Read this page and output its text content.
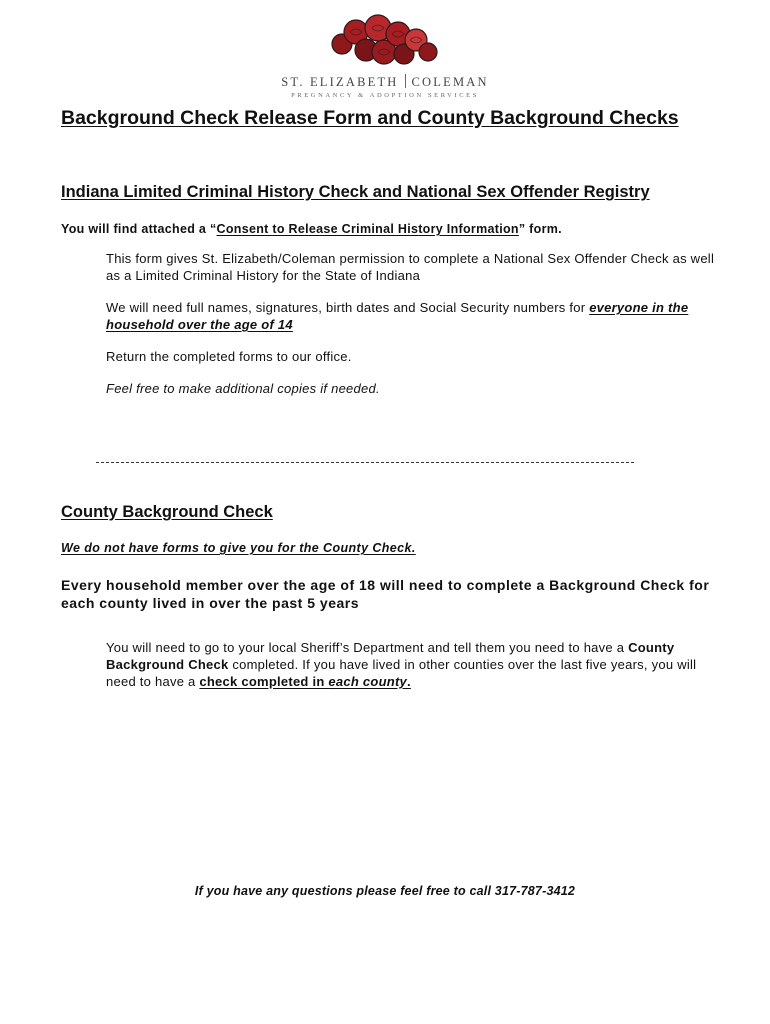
ST. ELIZABETH COLEMAN
PREGNANCY & ADOPTION SERVICES
Background Check Release Form and County Background Checks
Indiana Limited Criminal History Check and National Sex Offender Registry
You will find attached a “Consent to Release Criminal History Information” form.
This form gives St. Elizabeth/Coleman permission to complete a National Sex Offender Check as well as a Limited Criminal History for the State of Indiana
We will need full names, signatures, birth dates and Social Security numbers for everyone in the household over the age of 14
Return the completed forms to our office.
Feel free to make additional copies if needed.
County Background Check
We do not have forms to give you for the County Check.
Every household member over the age of 18 will need to complete a Background Check for each county lived in over the past 5 years
You will need to go to your local Sheriff’s Department and tell them you need to have a County Background Check completed. If you have lived in other counties over the last five years, you will need to have a check completed in each county.
If you have any questions please feel free to call 317-787-3412
